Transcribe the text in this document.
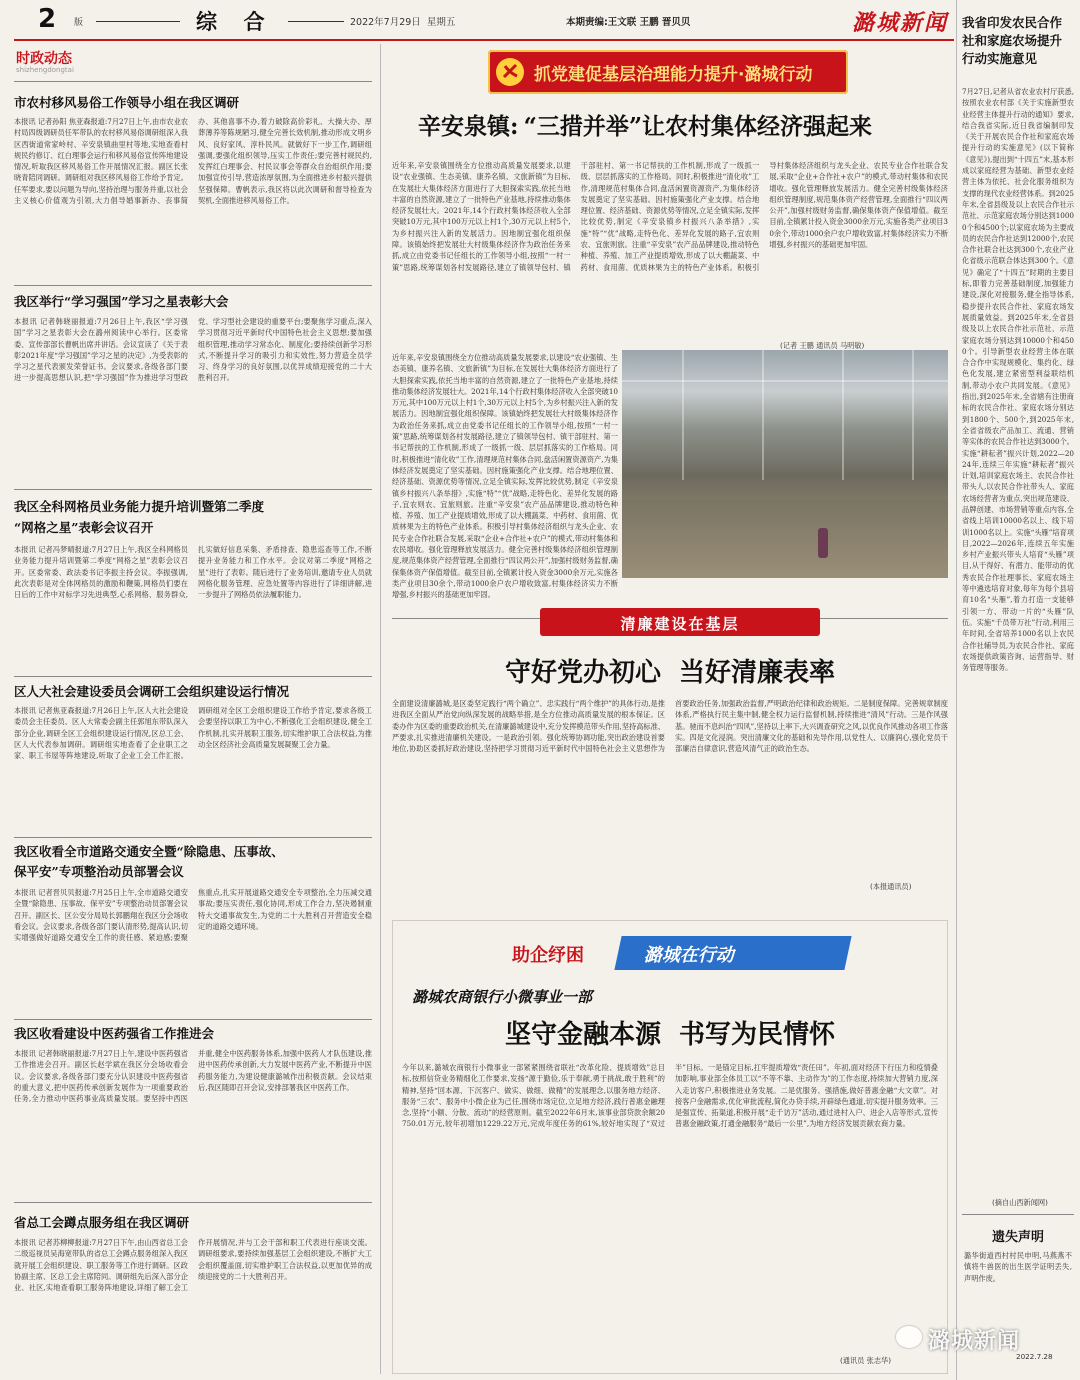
2 版	综  合	2022年7月29日  星期五	本期责编:王文联 王鹏 晋贝贝	潞城新闻
时政动态
shizhengdongtai
市农村移风易俗工作领导小组在我区调研
本报讯 记者孙阳 焦亚森报道:7月27日上午,由市农业农村局四级调研员任军带队的农村移风易俗调研组深入我区西街道常家岭村、辛安泉镇曲里村等地,实地查看村规民约修订、红白理事会运行和移风易俗宣传阵地建设情况,听取我区移风易俗工作开展情况汇报。副区长张晓青陪同调研。调研组对我区移风易俗工作给予肯定。任军要求,要以问题为导向,坚持治理与服务并重,以社会主义核心价值观为引领,大力倡导婚事新办、丧事简办、其他喜事不办,着力破除高价彩礼、大操大办、厚葬薄养等陈规陋习,健全完善长效机制,推动形成文明乡风、良好家风、淳朴民风。就做好下一步工作,调研组强调,要强化组织领导,压实工作责任;要完善村规民约,发挥红白理事会、村民议事会等群众自治组织作用;要加强宣传引导,营造浓厚氛围,为全面推进乡村振兴提供坚强保障。曹帆表示,我区将以此次调研和督导检查为契机,全面推进移风易俗工作。
我区举行“学习强国”学习之星表彰大会
本报讯 记者韩晓丽报道:7月26日上午,我区“学习强国”学习之星表彰大会在潞州阅读中心举行。区委常委、宣传部部长曹帆出席并讲话。会议宣读了《关于表彰2021年度“学习强国”学习之星的决定》,为受表彰的学习之星代表颁发荣誉证书。会议要求,各级各部门要进一步提高思想认识,把“学习强国”作为推进学习型政党、学习型社会建设的重要平台;要聚焦学习重点,深入学习贯彻习近平新时代中国特色社会主义思想;要加强组织管理,推动学习常态化、制度化;要持续创新学习形式,不断提升学习的吸引力和实效性,努力营造全员学习、终身学习的良好氛围,以优异成绩迎接党的二十大胜利召开。
我区全科网格员业务能力提升培训暨第二季度
“网格之星”表彰会议召开
本报讯 记者冯梦晴报道:7月27日上午,我区全科网格员业务能力提升培训暨第二季度“网格之星”表彰会议召开。区委常委、政法委书记李振主持会议。李振强调,此次表彰是对全体网格员的激励和鞭策,网格员们要在日后的工作中对标学习先进典型,心系网格、服务群众,扎实做好信息采集、矛盾排查、隐患巡查等工作,不断提升业务能力和工作水平。会议对第二季度“网格之星”进行了表彰。随后进行了业务培训,邀请专业人员就网格化服务管理、应急处置等内容进行了详细讲解,进一步提升了网格员依法履职能力。
区人大社会建设委员会调研工会组织建设运行情况
本报讯 记者焦亚森报道:7月26日上午,区人大社会建设委员会主任委员、区人大常委会副主任郭旭东带队深入部分企业,调研全区工会组织建设运行情况,区总工会、区人大代表参加调研。调研组实地查看了企业职工之家、职工书屋等阵地建设,听取了企业工会工作汇报。调研组对全区工会组织建设工作给予肯定,要求各级工会要坚持以职工为中心,不断强化工会组织建设,健全工作机制,扎实开展职工服务,切实维护职工合法权益,为推动全区经济社会高质量发展凝聚工会力量。
我区收看全市道路交通安全暨“除隐患、压事故、
保平安”专项整治动员部署会议
本报讯 记者晋贝贝报道:7月25日上午,全市道路交通安全暨“除隐患、压事故、保平安”专项整治动员部署会议召开。副区长、区公安分局局长郭鹏翔在我区分会场收看会议。会议要求,各级各部门要认清形势,提高认识,切实增强做好道路交通安全工作的责任感、紧迫感;要聚焦重点,扎实开展道路交通安全专项整治,全力压减交通事故;要压实责任,强化协同,形成工作合力,坚决遏制重特大交通事故发生,为党的二十大胜利召开营造安全稳定的道路交通环境。
我区收看建设中医药强省工作推进会
本报讯 记者韩晓丽报道:7月27日上午,建设中医药强省工作推进会召开。副区长赵学斌在我区分会场收看会议。会议要求,各级各部门要充分认识建设中医药强省的重大意义,把中医药传承创新发展作为一项重要政治任务,全力推动中医药事业高质量发展。要坚持中西医并重,健全中医药服务体系,加强中医药人才队伍建设,推进中医药传承创新,大力发展中医药产业,不断提升中医药服务能力,为建设健康潞城作出积极贡献。会议结束后,我区随即召开会议,安排部署我区中医药工作。
省总工会蹲点服务组在我区调研
本报讯 记者苏柳柳报道:7月27日下午,由山西省总工会二级巡视员吴海宽带队的省总工会蹲点服务组深入我区就开展工会组织建设、职工服务等工作进行调研。区政协副主席、区总工会主席陪同。调研组先后深入部分企业、社区,实地查看职工服务阵地建设,详细了解工会工作开展情况,并与工会干部和职工代表进行座谈交流。调研组要求,要持续加强基层工会组织建设,不断扩大工会组织覆盖面,切实维护职工合法权益,以更加优异的成绩迎接党的二十大胜利召开。
抓党建促基层治理能力提升·潞城行动
辛安泉镇: “三措并举”让农村集体经济强起来
近年来,辛安泉镇围绕全方位推动高质量发展要求,以建设“农业强镇、生态美镇、康养名镇、文旅新镇”为目标,在发展壮大集体经济方面进行了大胆探索实践,依托当地丰富的自然资源,建立了一批特色产业基地,持续推动集体经济发展壮大。2021年,14个行政村集体经济收入全部突破10万元,其中100万元以上村1个,30万元以上村5个,为乡村振兴注入新的发展活力。因地制宜强化组织保障。该镇始终把发展壮大村级集体经济作为政治任务来抓,成立由党委书记任组长的工作领导小组,按照“一村一策”思路,统筹谋划各村发展路径,建立了镇领导包村、镇干部驻村、第一书记帮扶的工作机制,形成了一级抓一级、层层抓落实的工作格局。同时,积极推进“清化收”工作,清理规范村集体合同,盘活闲置资源资产,为集体经济发展奠定了坚实基础。因村施策强化产业支撑。结合地理位置、经济基础、资源优势等情况,立足全镇实际,发挥比较优势,制定《辛安泉镇乡村振兴八条举措》,实施“特”“优”战略,走特色化、差异化发展的路子,宜农则农、宜旅则旅。注重“辛安泉”农产品品牌建设,推动特色种植、养殖、加工产业提质增效,形成了以大棚蔬菜、中药材、食用菌、优质林果为主的特色产业体系。积极引导村集体经济组织与龙头企业、农民专业合作社联合发展,采取“企业+合作社+农户”的模式,带动村集体和农民增收。强化管理释放发展活力。健全完善村级集体经济组织管理制度,规范集体资产经营管理,全面推行“四议两公开”,加强村级财务监督,确保集体资产保值增值。截至目前,全镇累计投入资金3000余万元,实施各类产业项目30余个,带动1000余户农户增收致富,村集体经济实力不断增强,乡村振兴的基础更加牢固。
近年来,辛安泉镇围绕全方位推动高质量发展要求,以建设“农业强镇、生态美镇、康养名镇、文旅新镇”为目标,在发展壮大集体经济方面进行了大胆探索实践,依托当地丰富的自然资源,建立了一批特色产业基地,持续推动集体经济发展壮大。2021年,14个行政村集体经济收入全部突破10万元,其中100万元以上村1个,30万元以上村5个,为乡村振兴注入新的发展活力。因地制宜强化组织保障。该镇始终把发展壮大村级集体经济作为政治任务来抓,成立由党委书记任组长的工作领导小组,按照“一村一策”思路,统筹谋划各村发展路径,建立了镇领导包村、镇干部驻村、第一书记帮扶的工作机制,形成了一级抓一级、层层抓落实的工作格局。同时,积极推进“清化收”工作,清理规范村集体合同,盘活闲置资源资产,为集体经济发展奠定了坚实基础。因村施策强化产业支撑。结合地理位置、经济基础、资源优势等情况,立足全镇实际,发挥比较优势,制定《辛安泉镇乡村振兴八条举措》,实施“特”“优”战略,走特色化、差异化发展的路子,宜农则农、宜旅则旅。注重“辛安泉”农产品品牌建设,推动特色种植、养殖、加工产业提质增效,形成了以大棚蔬菜、中药材、食用菌、优质林果为主的特色产业体系。积极引导村集体经济组织与龙头企业、农民专业合作社联合发展,采取“企业+合作社+农户”的模式,带动村集体和农民增收。强化管理释放发展活力。健全完善村级集体经济组织管理制度,规范集体资产经营管理,全面推行“四议两公开”,加强村级财务监督,确保集体资产保值增值。截至目前,全镇累计投入资金3000余万元,实施各类产业项目30余个,带动1000余户农户增收致富,村集体经济实力不断增强,乡村振兴的基础更加牢固。
(记者 王鹏 通讯员 马明敏)
清廉建设在基层
守好党办初心  当好清廉表率
全面建设清廉潞城,是区委坚定践行“两个确立”、忠实践行“两个维护”的具体行动,是推进我区全面从严治党向纵深发展的战略举措,是全方位推动高质量发展的根本保证。区委办作为区委的重要政治机关,在清廉潞城建设中,充分发挥模范带头作用,坚持高标准、严要求,扎实推进清廉机关建设。一是政治引领。强化统筹协调功能,突出政治建设首要地位,协助区委抓好政治建设,坚持把学习贯彻习近平新时代中国特色社会主义思想作为首要政治任务,加强政治监督,严明政治纪律和政治规矩。二是制度保障。完善规章制度体系,严格执行民主集中制,健全权力运行监督机制,持续推进“清风”行动。三是作风强基。驰而不息纠治“四风”,坚持以上率下,大兴调查研究之风,以优良作风推动各项工作落实。四是文化浸润。突出清廉文化的基础和先导作用,以党性人、以廉润心,强化党员干部廉洁自律意识,营造风清气正的政治生态。
(本报通讯员)
助企纾困	潞城在行动
潞城农商银行小微事业一部
坚守金融本源  书写为民情怀
今年以来,潞城农商银行小微事业一部紧紧围绕省联社“改革化险、提质增效”总目标,按照信贷业务精细化工作要求,发扬“源于勤俭,乐于奉献,勇于挑战,敢于胜利”的精神,坚持“回本源、下沉客户、做实、做细、做精”的发展理念,以服务地方经济、服务“三农”、服务中小微企业为己任,围绕市场定位,立足地方经济,践行普惠金融理念,坚持“小额、分散、流动”的经营原则。截至2022年6月末,该事业部贷款余额20750.01万元,较年初增加1229.22万元,完成年度任务的61%,较好地实现了“双过半”目标。一是锚定目标,扛牢提质增效“责任田”。年初,面对经济下行压力和疫情叠加影响,事业部全体员工以“不等不靠、主动作为”的工作态度,持续加大营销力度,深入走访客户,积极推进业务发展。二是优服务、强措施,做好普惠金融“大文章”。对接客户金融需求,优化审批流程,简化办贷手续,开辟绿色通道,切实提升服务效率。三是强宣传、拓渠道,积极开展“走千访万”活动,通过进村入户、进企入店等形式,宣传普惠金融政策,打通金融服务“最后一公里”,为地方经济发展贡献农商力量。
(通讯员 张志华)
我省印发农民合作社和家庭农场提升行动实施意见
7月27日,记者从省农业农村厅获悉,按照农业农村部《关于实施新型农业经营主体提升行动的通知》要求,结合我省实际,近日我省编制印发《关于开展农民合作社和家庭农场提升行动的实施意见》(以下简称《意见》),提出到“十四五”末,基本形成以家庭经营为基础、新型农业经营主体为依托、社会化服务组织为支撑的现代农业经营体系。到2025年末,全省县级及以上农民合作社示范社、示范家庭农场分别达到10000个和4500个;以家庭农场为主要成员的农民合作社达到12000个,农民合作社联合社达到300个,农业产业化省级示范联合体达到300个。《意见》确定了“十四五”时期的主要目标,即着力完善基础制度,加强能力建设,深化对接服务,健全指导体系,稳步提升农民合作社、家庭农场发展质量效益。到2025年末,全省县级及以上农民合作社示范社、示范家庭农场分别达到10000个和4500个。引导新型农业经营主体在联合合作中实现规模化、集约化、绿色化发展,建立紧密型利益联结机制,带动小农户共同发展。《意见》指出,到2025年末,全省辖有注册商标的农民合作社、家庭农场分别达到1800个、500个,到2025年末,全省省级农产品加工、流通、营销等实体的农民合作社达到3000个。实施“耕耘者”振兴计划,2022—2024年,连续三年实施“耕耘者”振兴计划,培训家庭农场主、农民合作社带头人,以农民合作社带头人、家庭农场经营者为重点,突出规范建设、品牌创建、市场营销等重点内容,全省线上培训10000名以上、线下培训1000名以上。实施“头雁”培育项目,2022—2026年,连续五年实施乡村产业振兴带头人培育“头雁”项目,从干得好、有潜力、能带动的优秀农民合作社理事长、家庭农场主等中遴选培育对象,每年为每个县培育10名“头雁”,着力打造一支能够引领一方、带动一片的“头雁”队伍。实施“千员带万社”行动,利用三年时间,全省培养1000名以上农民合作社辅导员,为农民合作社、家庭农场提供政策咨询、运营指导、财务管理等服务。
(摘自山西新闻网)
遗失声明
潞华街道西村村民申明,马燕燕不慎将牛兽医的出生医学证明丢失,声明作废。
2022.7.28
潞城新闻
